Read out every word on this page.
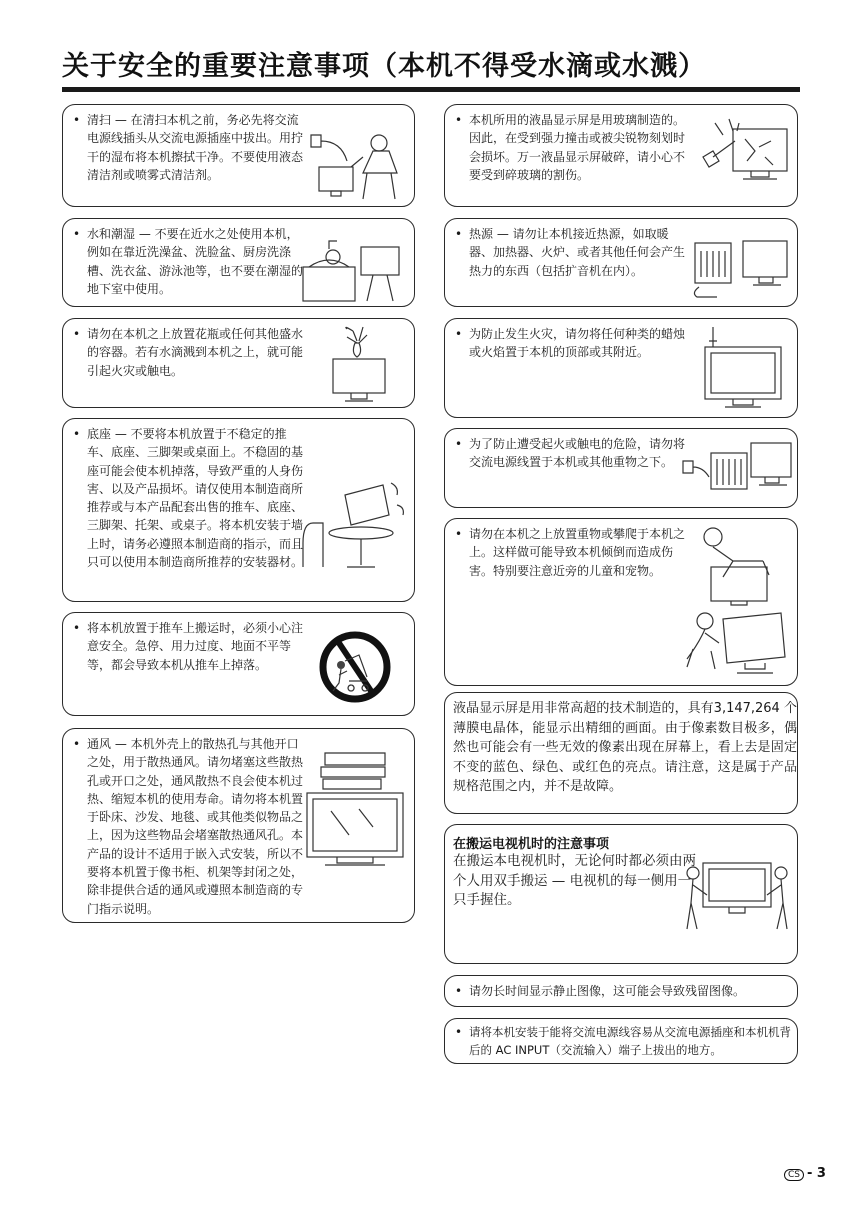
关于安全的重要注意事项（本机不得受水滴或水溅）
• 清扫 — 在清扫本机之前，务必先将交流电源线插头从交流电源插座中拔出。用拧干的湿布将本机擦拭干净。不要使用液态清洁剂或喷雾式清洁剂。
• 水和潮湿 — 不要在近水之处使用本机，例如在靠近洗澡盆、洗脸盆、厨房洗涤槽、洗衣盆、游泳池等，也不要在潮湿的地下室中使用。
• 请勿在本机之上放置花瓶或任何其他盛水的容器。若有水滴溅到本机之上，就可能引起火灾或触电。
• 底座 — 不要将本机放置于不稳定的推车、底座、三脚架或桌面上。不稳固的基座可能会使本机掉落，导致严重的人身伤害、以及产品损坏。请仅使用本制造商所推荐或与本产品配套出售的推车、底座、三脚架、托架、或桌子。将本机安装于墙上时，请务必遵照本制造商的指示，而且只可以使用本制造商所推荐的安装器材。
• 将本机放置于推车上搬运时，必须小心注意安全。急停、用力过度、地面不平等等，都会导致本机从推车上掉落。
• 通风 — 本机外壳上的散热孔与其他开口之处，用于散热通风。请勿堵塞这些散热孔或开口之处，通风散热不良会使本机过热、缩短本机的使用寿命。请勿将本机置于卧床、沙发、地毯、或其他类似物品之上，因为这些物品会堵塞散热通风孔。本产品的设计不适用于嵌入式安装，所以不要将本机置于像书柜、机架等封闭之处，除非提供合适的通风或遵照本制造商的专门指示说明。
• 本机所用的液晶显示屏是用玻璃制造的。因此，在受到强力撞击或被尖锐物刻划时会损坏。万一液晶显示屏破碎，请小心不要受到碎玻璃的割伤。
• 热源 — 请勿让本机接近热源，如取暖器、加热器、火炉、或者其他任何会产生热力的东西（包括扩音机在内）。
• 为防止发生火灾，请勿将任何种类的蜡烛或火焰置于本机的顶部或其附近。
• 为了防止遭受起火或触电的危险，请勿将交流电源线置于本机或其他重物之下。
• 请勿在本机之上放置重物或攀爬于本机之上。这样做可能导致本机倾倒而造成伤害。特别要注意近旁的儿童和宠物。
液晶显示屏是用非常高超的技术制造的，具有3,147,264 个薄膜电晶体，能显示出精细的画面。由于像素数目极多，偶然也可能会有一些无效的像素出现在屏幕上，看上去是固定不变的蓝色、绿色、或红色的亮点。请注意，这是属于产品规格范围之内，并不是故障。
在搬运电视机时的注意事项
在搬运本电视机时，无论何时都必须由两个人用双手搬运 — 电视机的每一侧用一只手握住。
• 请勿长时间显示静止图像，这可能会导致残留图像。
• 请将本机安装于能将交流电源线容易从交流电源插座和本机机背后的 AC INPUT（交流输入）端子上拔出的地方。
CS - 3
